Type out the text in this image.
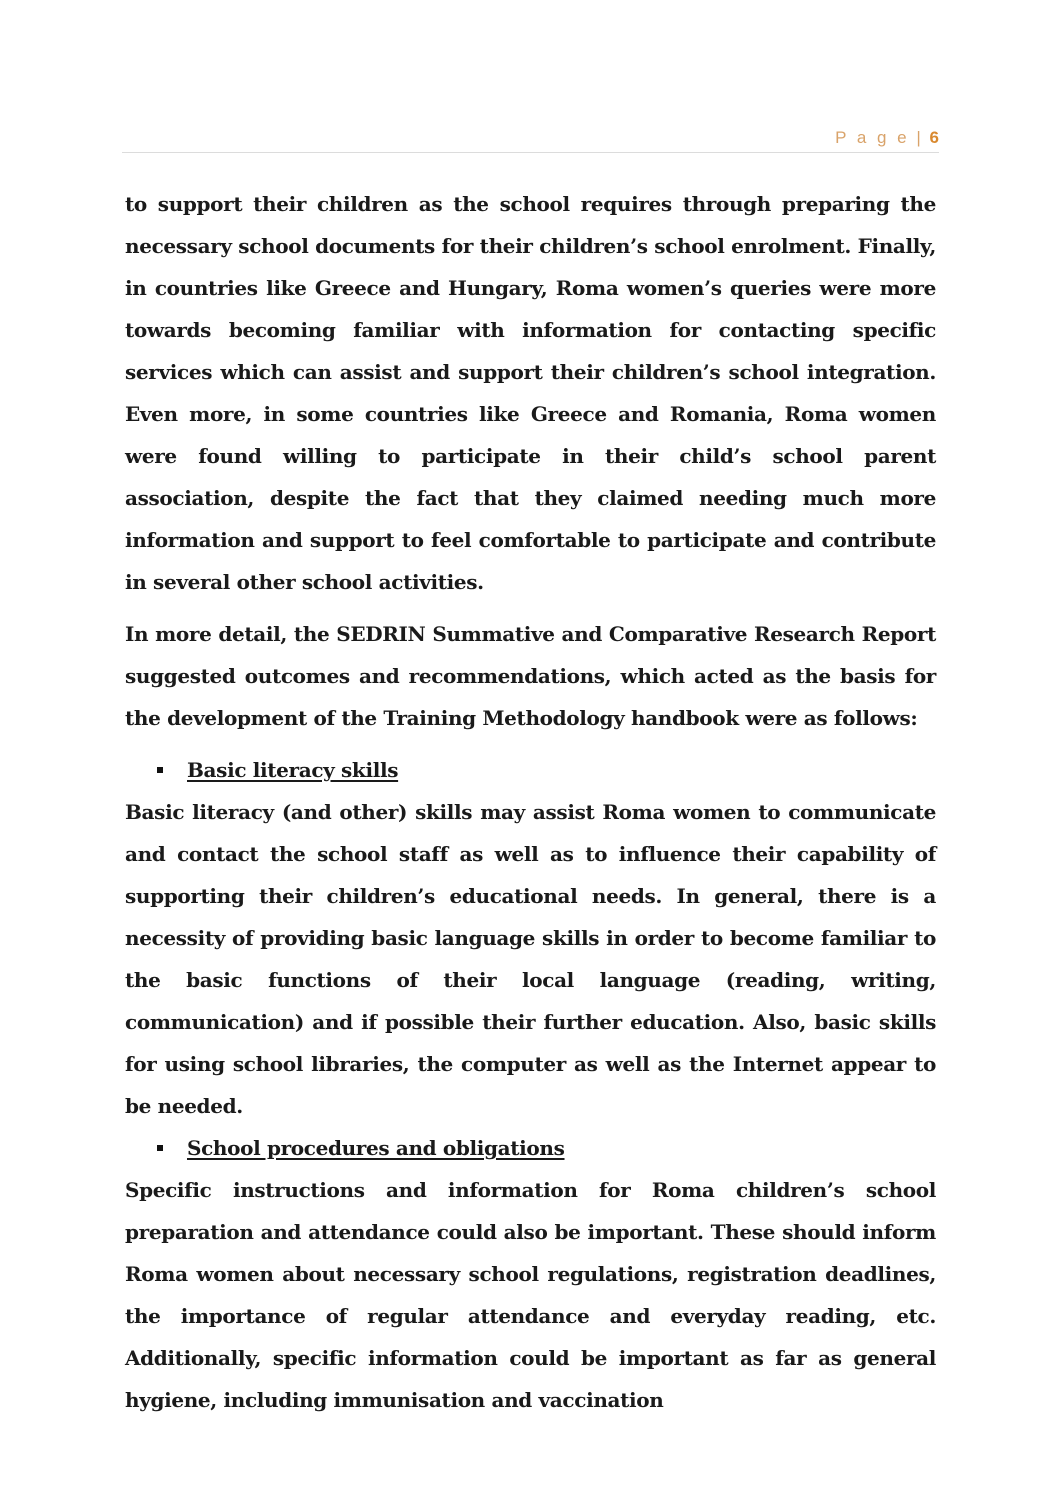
P a g e | 6

to support their children as the school requires through preparing the necessary school documents for their children’s school enrolment. Finally, in countries like Greece and Hungary, Roma women’s queries were more towards becoming familiar with information for contacting specific services which can assist and support their children’s school integration. Even more, in some countries like Greece and Romania, Roma women were found willing to participate in their child’s school parent association, despite the fact that they claimed needing much more information and support to feel comfortable to participate and contribute in several other school activities.

In more detail, the SEDRIN Summative and Comparative Research Report suggested outcomes and recommendations, which acted as the basis for the development of the Training Methodology handbook were as follows:

Basic literacy skills

Basic literacy (and other) skills may assist Roma women to communicate and contact the school staff as well as to influence their capability of supporting their children’s educational needs. In general, there is a necessity of providing basic language skills in order to become familiar to the basic functions of their local language (reading, writing, communication) and if possible their further education. Also, basic skills for using school libraries, the computer as well as the Internet appear to be needed.

School procedures and obligations

Specific instructions and information for Roma children’s school preparation and attendance could also be important. These should inform Roma women about necessary school regulations, registration deadlines, the importance of regular attendance and everyday reading, etc. Additionally, specific information could be important as far as general hygiene, including immunisation and vaccination
